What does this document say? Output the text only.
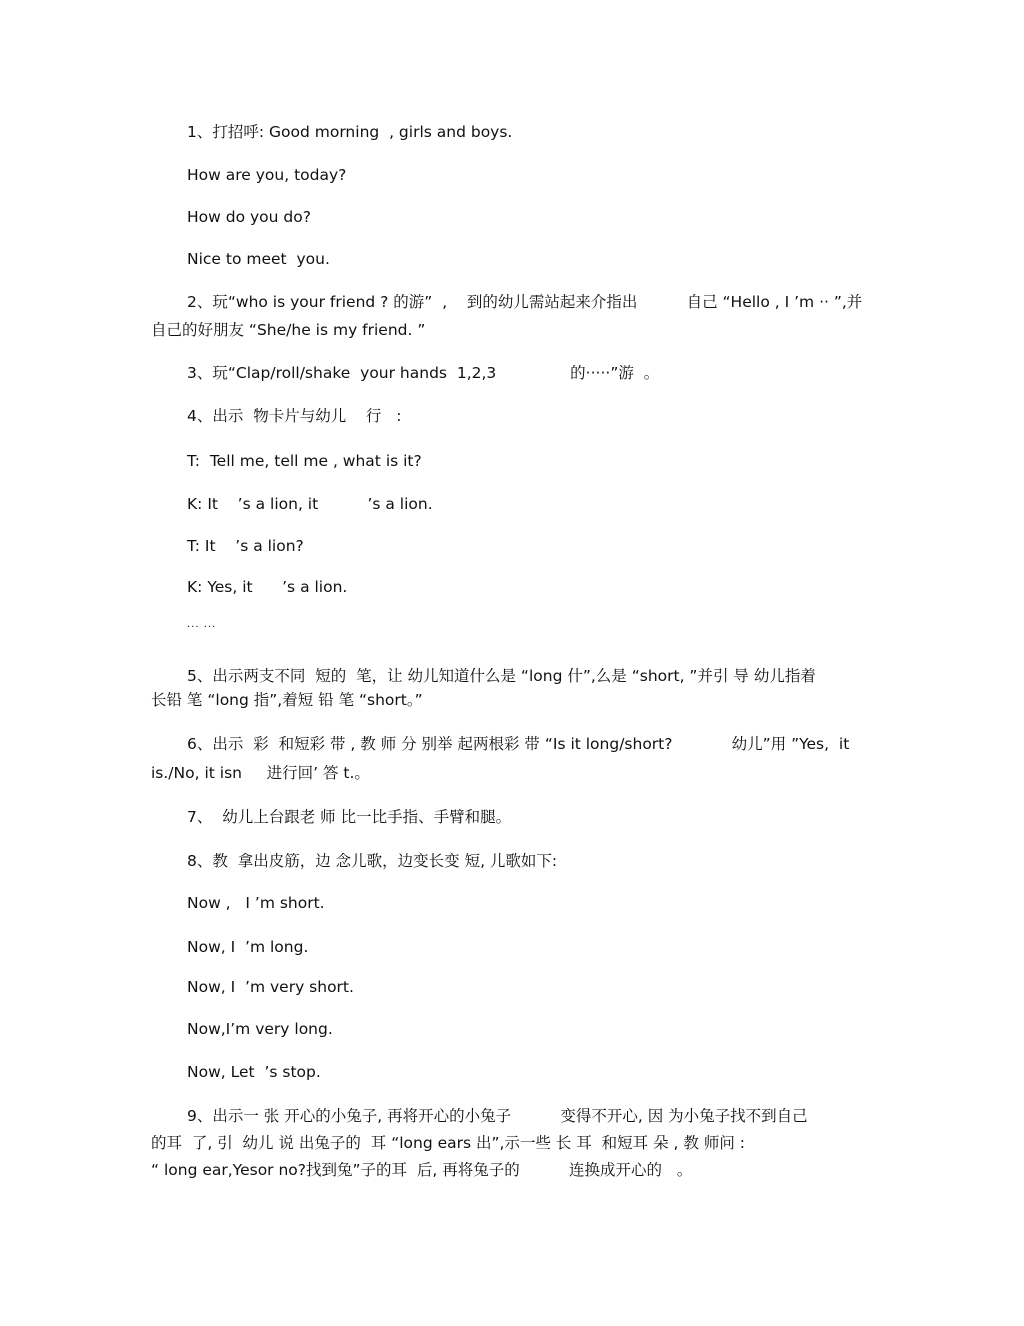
1、打招呼: Good morning  , girls and boys.

How are you, today?

How do you do?

Nice to meet  you.

2、玩“who is your friend ? 的游”  ,    到的幼儿需站起来介指出          自己 “Hello , I ’m ·· ”,并

自己的好朋友 “She/he is my friend. ”

3、玩“Clap/roll/shake  your hands  1,2,3               的·····”游  。

4、出示  物卡片与幼儿    行   :

T:  Tell me, tell me , what is it?

K: It    ’s a lion, it          ’s a lion.

T: It    ’s a lion?

K: Yes, it      ’s a lion.

··· ···

5、出示两支不同  短的  笔，让 幼儿知道什么是 “long 什”,么是 “short, ”并引 导 幼儿指着

长铅 笔 “long 指”,着短 铅 笔 “short。”

6、出示  彩  和短彩 带 , 教 师 分 别举 起两根彩 带 “Is it long/short?            幼儿”用 ”Yes,  it

is./No, it isn     进行回’ 答 t.。

7、  幼儿上台跟老 师 比一比手指、手臂和腿。

8、教  拿出皮筋，边 念儿歌，边变长变 短, 儿歌如下:

Now ,   I ’m short.

Now, I  ’m long.

Now, I  ’m very short.

Now,I’m very long.

Now, Let  ’s stop.

9、出示一 张 开心的小兔子, 再将开心的小兔子          变得不开心, 因 为小兔子找不到自己

的耳  了, 引  幼儿 说 出兔子的  耳 “long ears 出”,示一些 长 耳  和短耳 朵 , 教 师问 :

“ long ear,Yesor no?找到兔”子的耳  后, 再将兔子的          连换成开心的   。
